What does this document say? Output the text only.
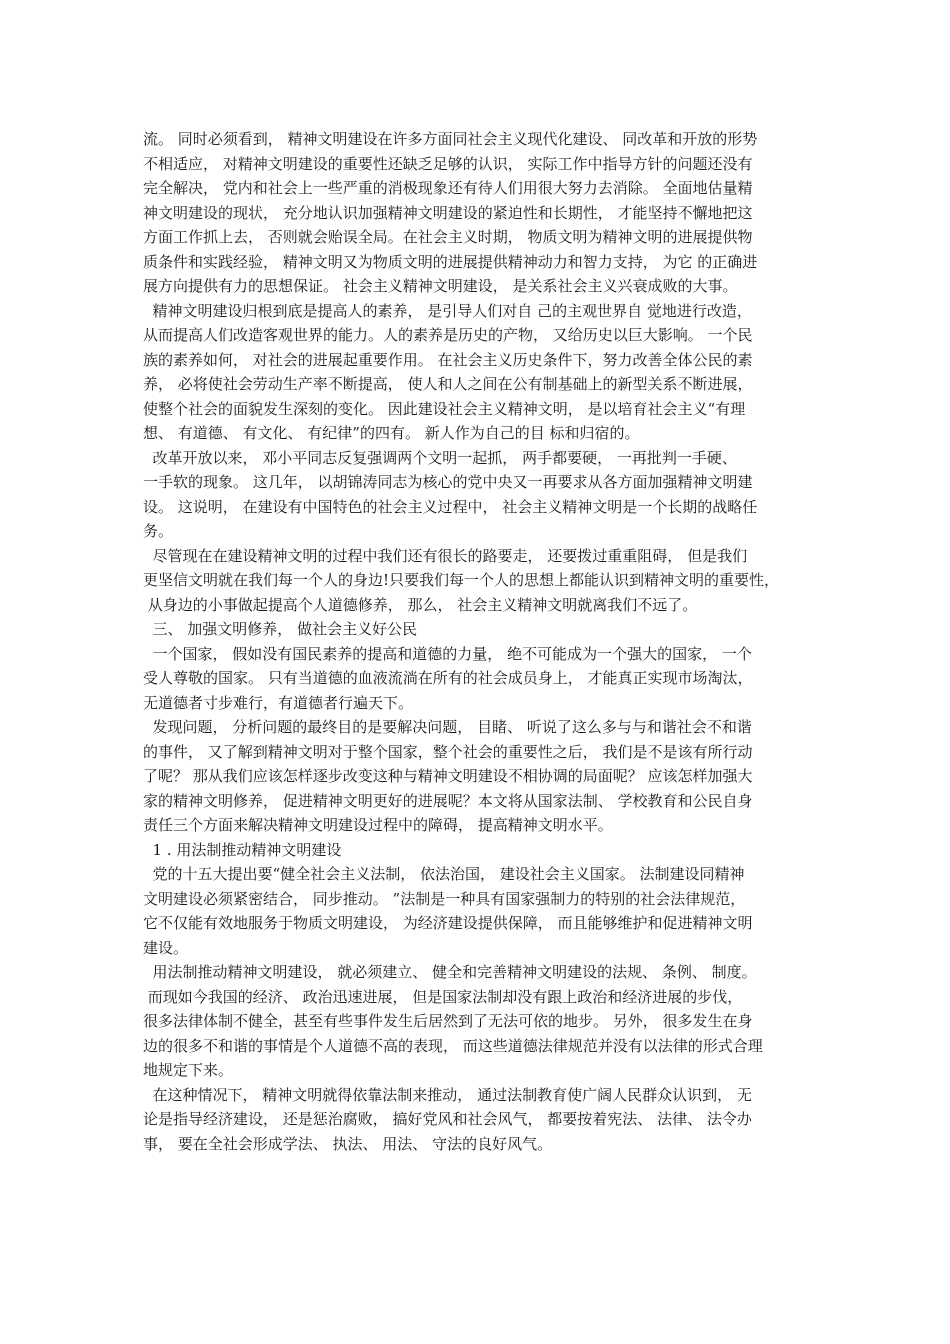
流。 同时必须看到， 精神文明建设在许多方面同社会主义现代化建设、 同改革和开放的形势
不相适应， 对精神文明建设的重要性还缺乏足够的认识， 实际工作中指导方针的问题还没有
完全解决， 党内和社会上一些严重的消极现象还有待人们用很大努力去消除。 全面地估量精
神文明建设的现状， 充分地认识加强精神文明建设的紧迫性和长期性， 才能坚持不懈地把这
方面工作抓上去， 否则就会贻误全局。在社会主义时期， 物质文明为精神文明的进展提供物
质条件和实践经验， 精神文明又为物质文明的进展提供精神动力和智力支持， 为它 的正确进
展方向提供有力的思想保证。 社会主义精神文明建设， 是关系社会主义兴衰成败的大事。
精神文明建设归根到底是提高人的素养， 是引导人们对自 己的主观世界自 觉地进行改造，
从而提高人们改造客观世界的能力。人的素养是历史的产物， 又给历史以巨大影响。 一个民
族的素养如何， 对社会的进展起重要作用。 在社会主义历史条件下，努力改善全体公民的素
养， 必将使社会劳动生产率不断提高， 使人和人之间在公有制基础上的新型关系不断进展，
使整个社会的面貌发生深刻的变化。 因此建设社会主义精神文明， 是以培育社会主义“有理
想、 有道德、 有文化、 有纪律”的四有。 新人作为自己的目 标和归宿的。
改革开放以来， 邓小平同志反复强调两个文明一起抓， 两手都要硬， 一再批判一手硬、
一手软的现象。 这几年， 以胡锦涛同志为核心的党中央又一再要求从各方面加强精神文明建
设。 这说明， 在建设有中国特色的社会主义过程中， 社会主义精神文明是一个长期的战略任
务。
尽管现在在建设精神文明的过程中我们还有很长的路要走， 还要拨过重重阻碍， 但是我们
更坚信文明就在我们每一个人的身边!只要我们每一个人的思想上都能认识到精神文明的重要性，
从身边的小事做起提高个人道德修养， 那么， 社会主义精神文明就离我们不远了。
三、 加强文明修养， 做社会主义好公民
一个国家， 假如没有国民素养的提高和道德的力量， 绝不可能成为一个强大的国家， 一个
受人尊敬的国家。 只有当道德的血液流淌在所有的社会成员身上， 才能真正实现市场淘汰，
无道德者寸步难行，有道德者行遍天下。
发现问题， 分析问题的最终目的是要解决问题， 目睹、 听说了这么多与与和谐社会不和谐
的事件， 又了解到精神文明对于整个国家，整个社会的重要性之后， 我们是不是该有所行动
了呢？ 那从我们应该怎样逐步改变这种与精神文明建设不相协调的局面呢？ 应该怎样加强大
家的精神文明修养， 促进精神文明更好的进展呢？本文将从国家法制、 学校教育和公民自身
责任三个方面来解决精神文明建设过程中的障碍， 提高精神文明水平。
1 . 用法制推动精神文明建设
党的十五大提出要“健全社会主义法制， 依法治国， 建设社会主义国家。 法制建设同精神
文明建设必须紧密结合， 同步推动。 ”法制是一种具有国家强制力的特别的社会法律规范，
它不仅能有效地服务于物质文明建设， 为经济建设提供保障， 而且能够维护和促进精神文明
建设。
用法制推动精神文明建设， 就必须建立、 健全和完善精神文明建设的法规、 条例、 制度。
而现如今我国的经济、 政治迅速进展， 但是国家法制却没有跟上政治和经济进展的步伐，
很多法律体制不健全，甚至有些事件发生后居然到了无法可依的地步。 另外， 很多发生在身
边的很多不和谐的事情是个人道德不高的表现， 而这些道德法律规范并没有以法律的形式合理
地规定下来。
在这种情况下， 精神文明就得依靠法制来推动， 通过法制教育使广阔人民群众认识到， 无
论是指导经济建设， 还是惩治腐败， 搞好党风和社会风气， 都要按着宪法、 法律、 法令办
事， 要在全社会形成学法、 执法、 用法、 守法的良好风气。
